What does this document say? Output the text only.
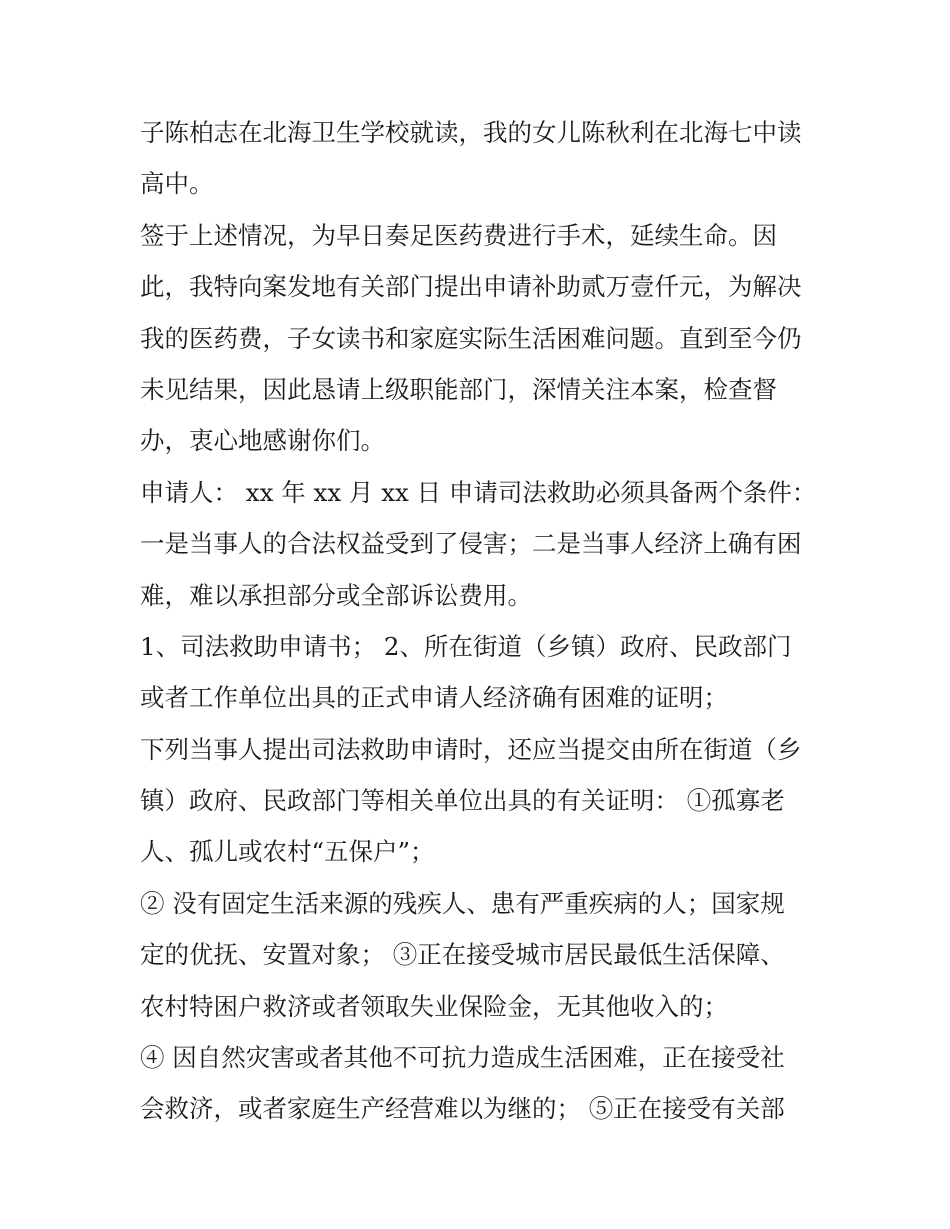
子陈柏志在北海卫生学校就读，我的女儿陈秋利在北海七中读
高中。
签于上述情况，为早日奏足医药费进行手术，延续生命。因
此，我特向案发地有关部门提出申请补助贰万壹仟元，为解决
我的医药费，子女读书和家庭实际生活困难问题。直到至今仍
未见结果，因此恳请上级职能部门，深情关注本案，检查督
办，衷心地感谢你们。
申请人： xx 年 xx 月 xx 日 申请司法救助必须具备两个条件：
一是当事人的合法权益受到了侵害；二是当事人经济上确有困
难，难以承担部分或全部诉讼费用。
1、司法救助申请书； 2、所在街道（乡镇）政府、民政部门
或者工作单位出具的正式申请人经济确有困难的证明；
下列当事人提出司法救助申请时，还应当提交由所在街道（乡
镇）政府、民政部门等相关单位出具的有关证明： ①孤寡老
人、孤儿或农村“五保户”；
② 没有固定生活来源的残疾人、患有严重疾病的人；国家规
定的优抚、安置对象； ③正在接受城市居民最低生活保障、
农村特困户救济或者领取失业保险金，无其他收入的；
④ 因自然灾害或者其他不可抗力造成生活困难，正在接受社
会救济，或者家庭生产经营难以为继的； ⑤正在接受有关部
